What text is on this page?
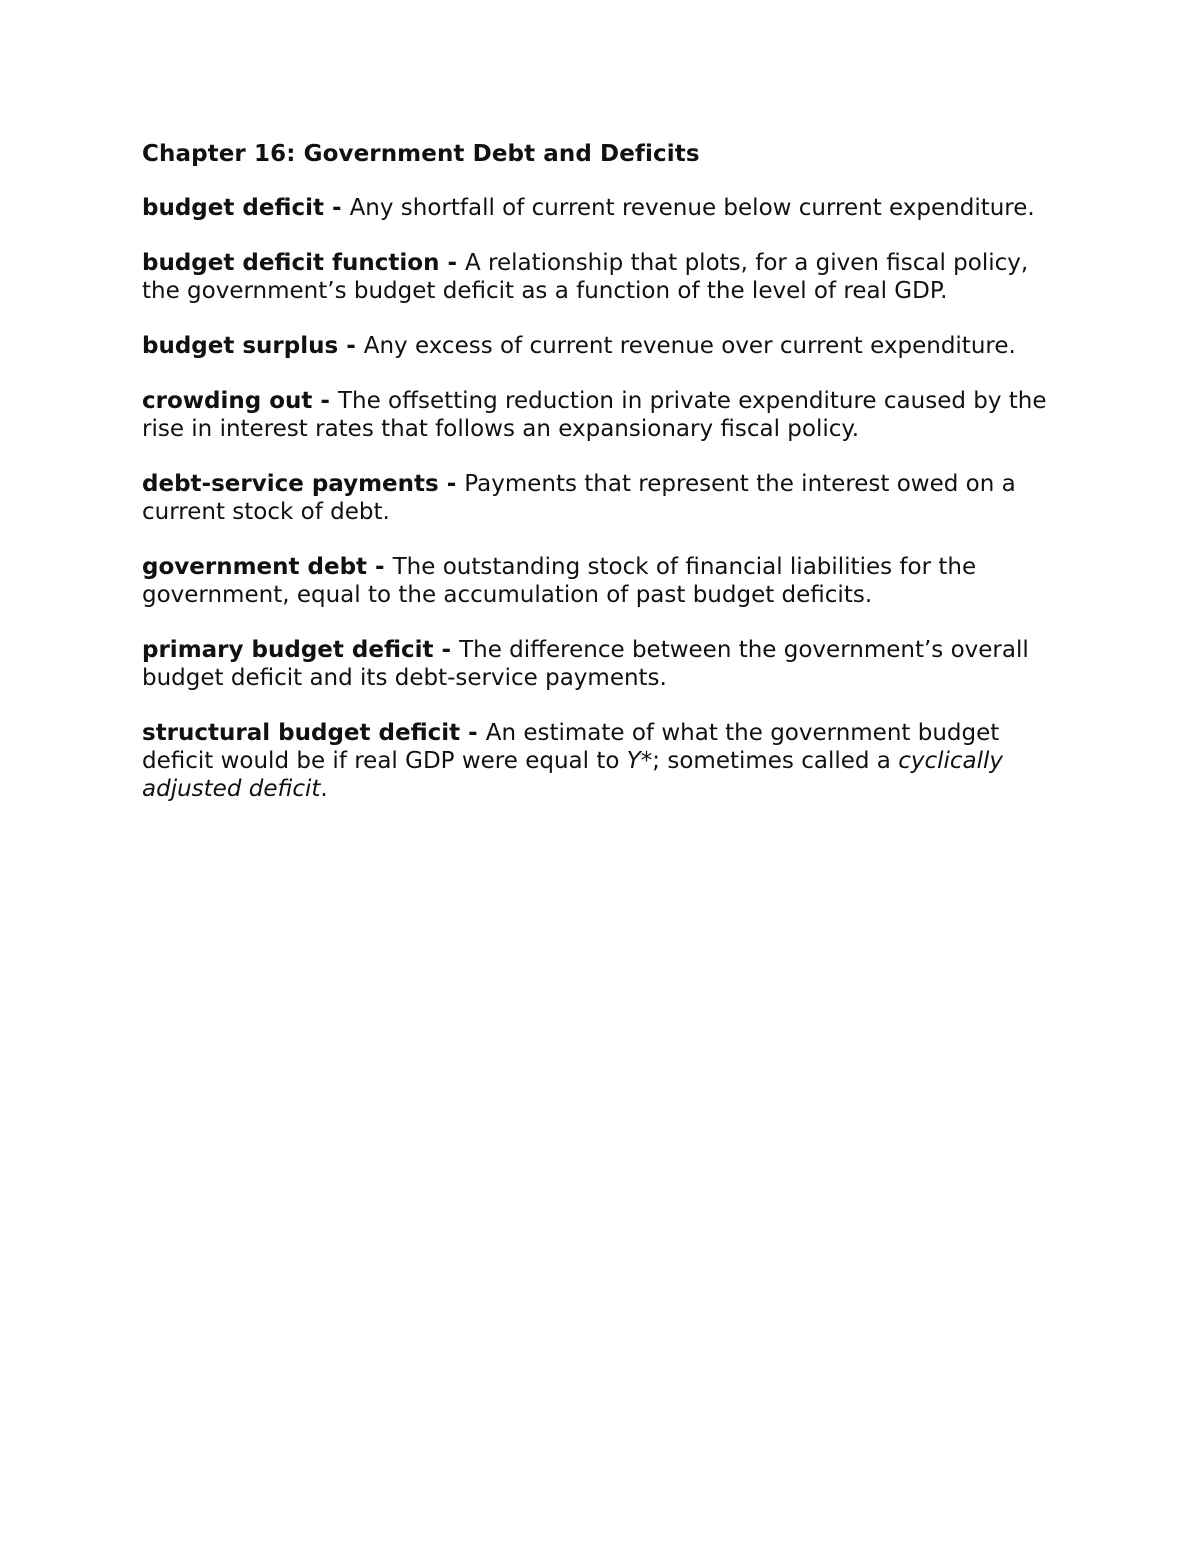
Chapter 16: Government Debt and Deficits
budget deficit - Any shortfall of current revenue below current expenditure.
budget deficit function - A relationship that plots, for a given fiscal policy, the government’s budget deficit as a function of the level of real GDP.
budget surplus - Any excess of current revenue over current expenditure.
crowding out - The offsetting reduction in private expenditure caused by the rise in interest rates that follows an expansionary fiscal policy.
debt-service payments - Payments that represent the interest owed on a current stock of debt.
government debt - The outstanding stock of financial liabilities for the government, equal to the accumulation of past budget deficits.
primary budget deficit - The difference between the government’s overall budget deficit and its debt-service payments.
structural budget deficit - An estimate of what the government budget deficit would be if real GDP were equal to Y*; sometimes called a cyclically adjusted deficit.
